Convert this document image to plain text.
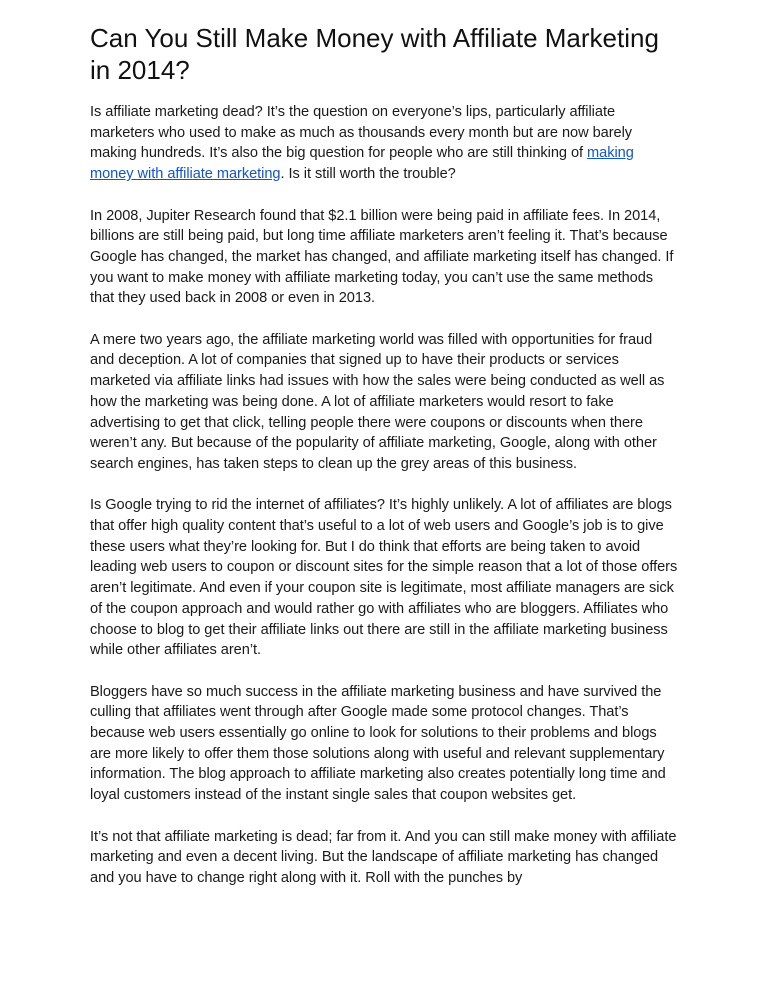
Can You Still Make Money with Affiliate Marketing in 2014?

Is affiliate marketing dead? It’s the question on everyone’s lips, particularly affiliate marketers who used to make as much as thousands every month but are now barely making hundreds. It’s also the big question for people who are still thinking of making money with affiliate marketing. Is it still worth the trouble?

In 2008, Jupiter Research found that $2.1 billion were being paid in affiliate fees. In 2014, billions are still being paid, but long time affiliate marketers aren’t feeling it. That’s because Google has changed, the market has changed, and affiliate marketing itself has changed. If you want to make money with affiliate marketing today, you can’t use the same methods that they used back in 2008 or even in 2013.

A mere two years ago, the affiliate marketing world was filled with opportunities for fraud and deception. A lot of companies that signed up to have their products or services marketed via affiliate links had issues with how the sales were being conducted as well as how the marketing was being done. A lot of affiliate marketers would resort to fake advertising to get that click, telling people there were coupons or discounts when there weren’t any. But because of the popularity of affiliate marketing, Google, along with other search engines, has taken steps to clean up the grey areas of this business.

Is Google trying to rid the internet of affiliates? It’s highly unlikely. A lot of affiliates are blogs that offer high quality content that’s useful to a lot of web users and Google’s job is to give these users what they’re looking for. But I do think that efforts are being taken to avoid leading web users to coupon or discount sites for the simple reason that a lot of those offers aren’t legitimate. And even if your coupon site is legitimate, most affiliate managers are sick of the coupon approach and would rather go with affiliates who are bloggers. Affiliates who choose to blog to get their affiliate links out there are still in the affiliate marketing business while other affiliates aren’t.

Bloggers have so much success in the affiliate marketing business and have survived the culling that affiliates went through after Google made some protocol changes. That’s because web users essentially go online to look for solutions to their problems and blogs are more likely to offer them those solutions along with useful and relevant supplementary information. The blog approach to affiliate marketing also creates potentially long time and loyal customers instead of the instant single sales that coupon websites get.

It’s not that affiliate marketing is dead; far from it. And you can still make money with affiliate marketing and even a decent living. But the landscape of affiliate marketing has changed and you have to change right along with it. Roll with the punches by
